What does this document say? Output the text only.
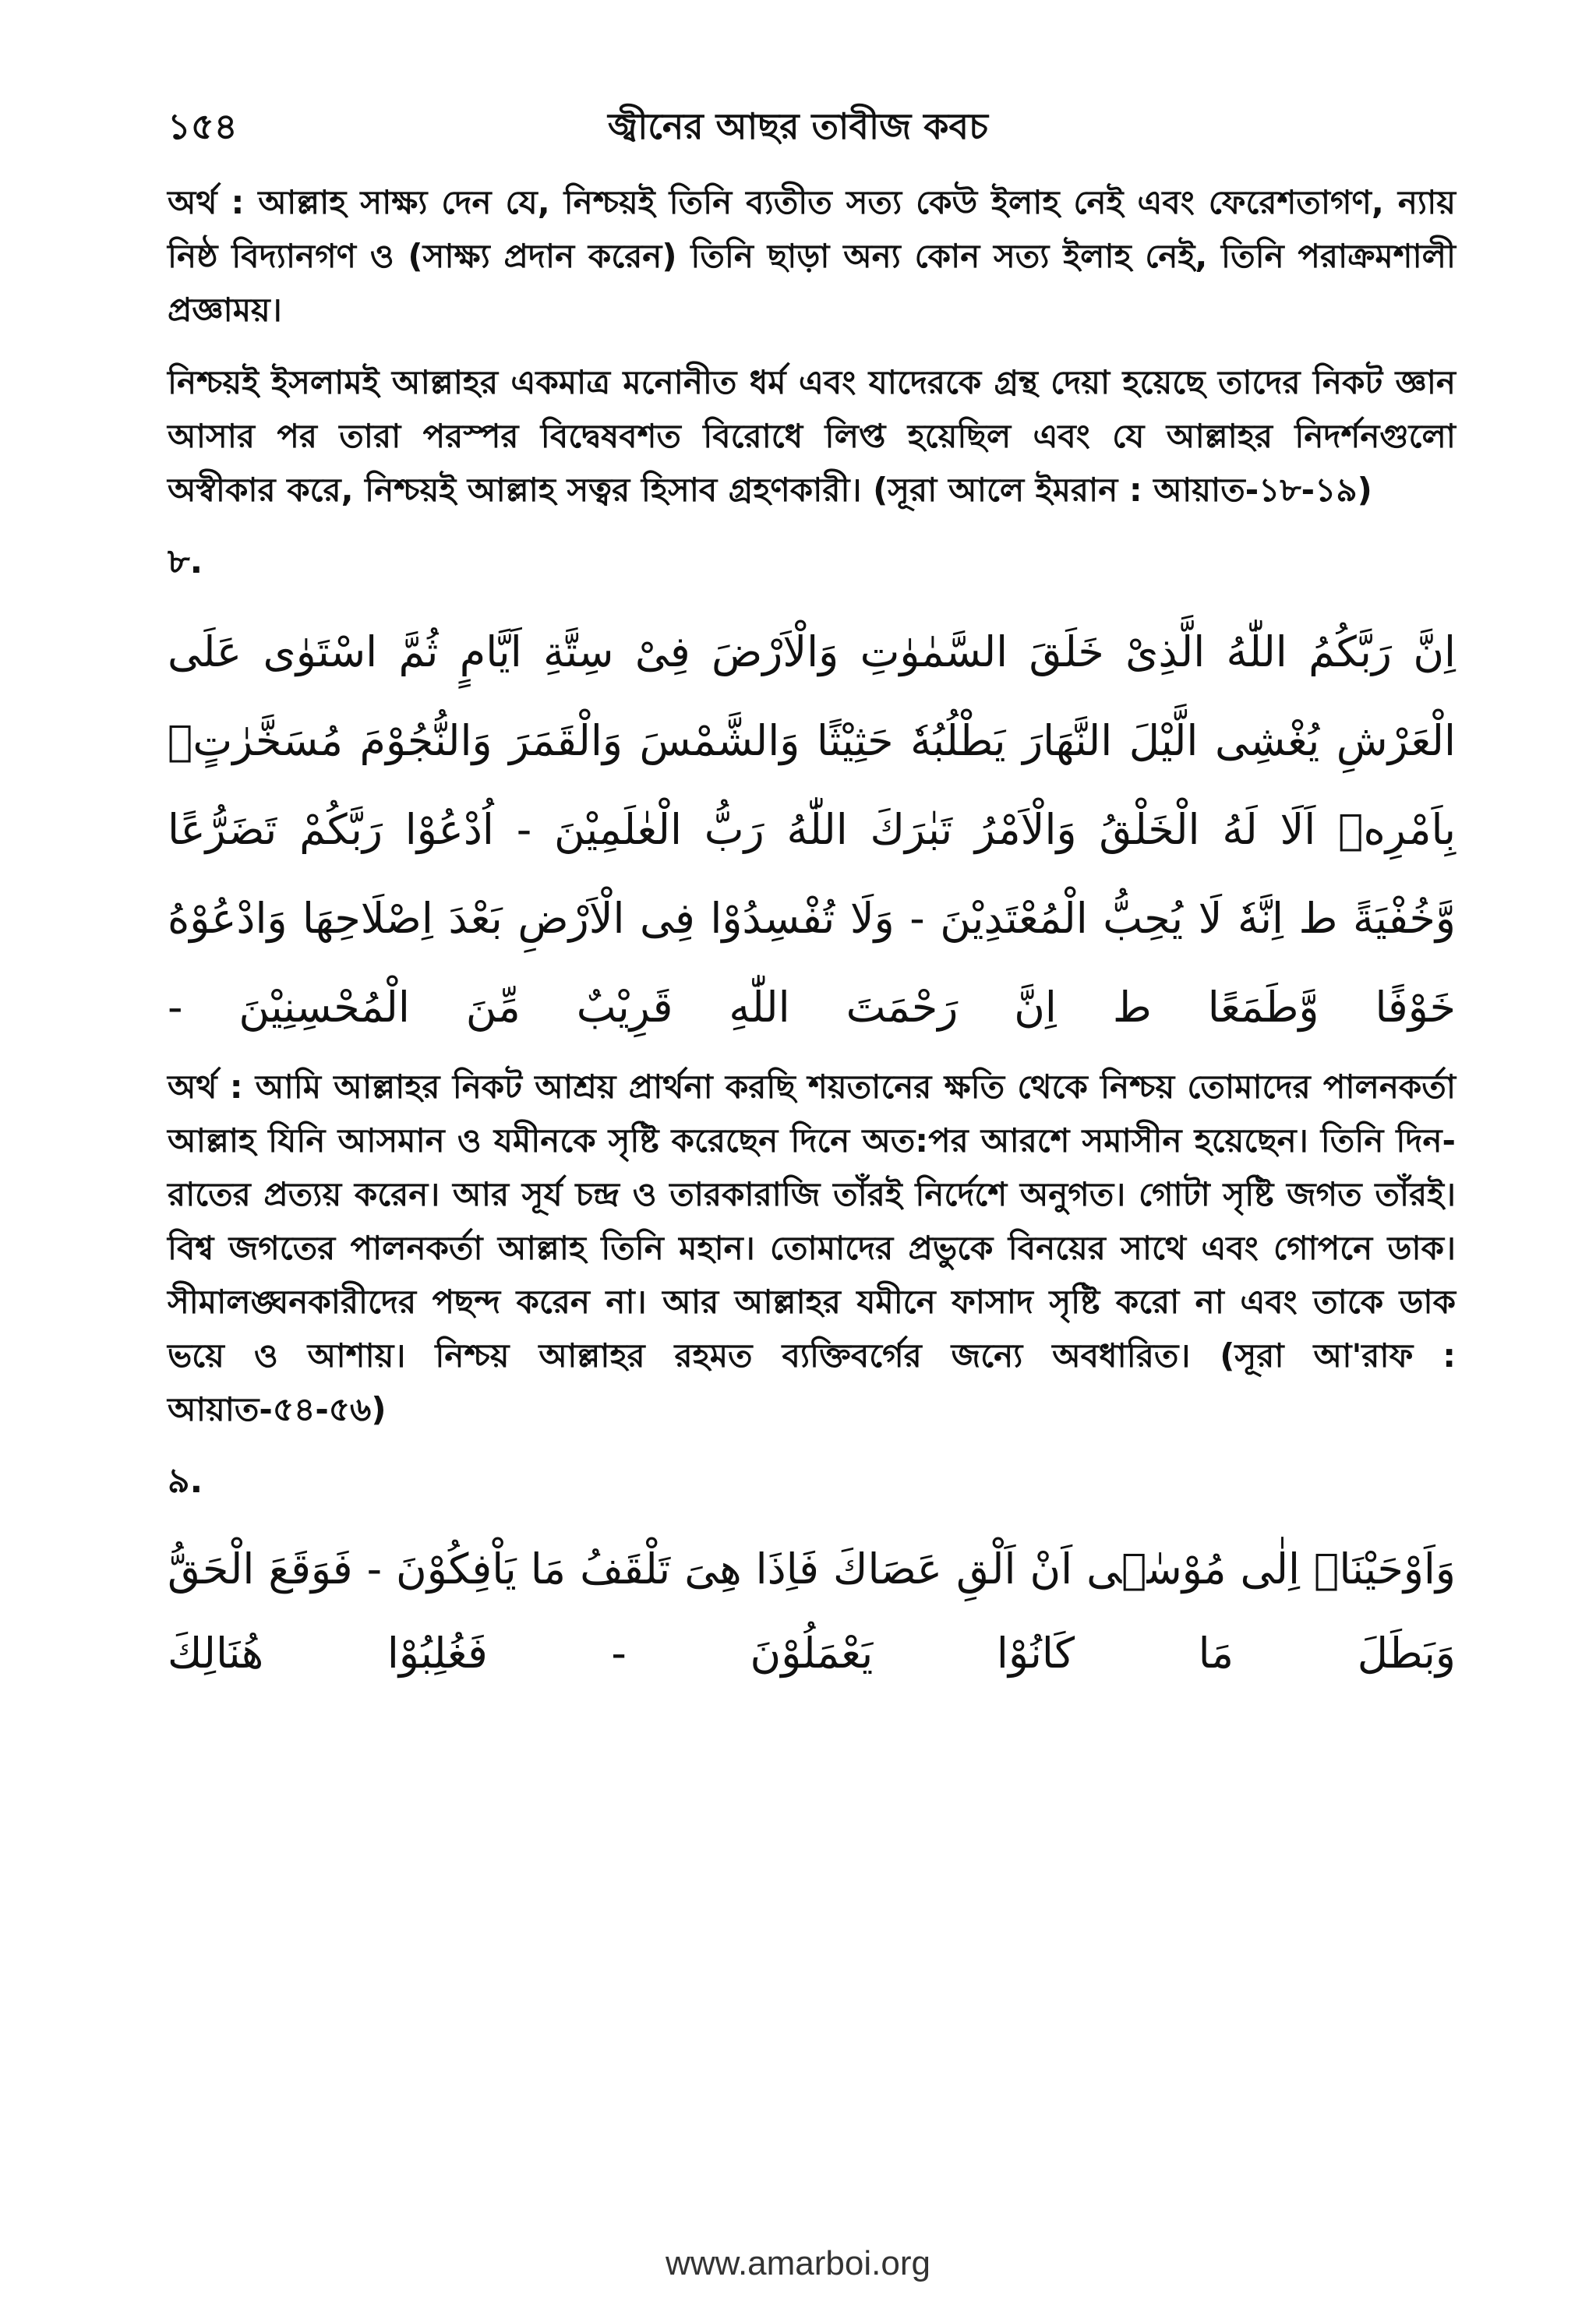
১৫৪	জ্বীনের আছর তাবীজ কবচ

অর্থ : আল্লাহ সাক্ষ্য দেন যে, নিশ্চয়ই তিনি ব্যতীত সত্য কেউ ইলাহ নেই এবং ফেরেশতাগণ, ন্যায় নিষ্ঠ বিদ্যানগণ ও (সাক্ষ্য প্রদান করেন) তিনি ছাড়া অন্য কোন সত্য ইলাহ নেই, তিনি পরাক্রমশালী প্রজ্ঞাময়।

নিশ্চয়ই ইসলামই আল্লাহর একমাত্র মনোনীত ধর্ম এবং যাদেরকে গ্রন্থ দেয়া হয়েছে তাদের নিকট জ্ঞান আসার পর তারা পরস্পর বিদ্বেষবশত বিরোধে লিপ্ত হয়েছিল এবং যে আল্লাহর নিদর্শনগুলো অস্বীকার করে, নিশ্চয়ই আল্লাহ সত্বর হিসাব গ্রহণকারী। (সূরা আলে ইমরান : আয়াত-১৮-১৯)

৮.
اِنَّ رَبَّكُمُ اللّٰهُ الَّذِىْ خَلَقَ السَّمٰوٰتِ وَالْاَرْضَ فِىْ سِتَّةِ اَيَّامٍ ثُمَّ اسْتَوٰى عَلَى الْعَرْشِ يُغْشِى الَّيْلَ النَّهَارَ يَطْلُبُهٗ حَثِيْثًا وَالشَّمْسَ وَالْقَمَرَ وَالنُّجُوْمَ مُسَخَّرٰتٍۭ بِاَمْرِهٖ اَلَا لَهُ الْخَلْقُ وَالْاَمْرُ تَبٰرَكَ اللّٰهُ رَبُّ الْعٰلَمِيْنَ - اُدْعُوْا رَبَّكُمْ تَضَرُّعًا وَّخُفْيَةً ط اِنَّهٗ لَا يُحِبُّ الْمُعْتَدِيْنَ - وَلَا تُفْسِدُوْا فِى الْاَرْضِ بَعْدَ اِصْلَاحِهَا وَادْعُوْهُ خَوْفًا وَّطَمَعًا ط اِنَّ رَحْمَتَ اللّٰهِ قَرِيْبٌ مِّنَ الْمُحْسِنِيْنَ -

অর্থ : আমি আল্লাহর নিকট আশ্রয় প্রার্থনা করছি শয়তানের ক্ষতি থেকে নিশ্চয় তোমাদের পালনকর্তা আল্লাহ যিনি আসমান ও যমীনকে সৃষ্টি করেছেন দিনে অত:পর আরশে সমাসীন হয়েছেন। তিনি দিন-রাতের প্রত্যয় করেন। আর সূর্য চন্দ্র ও তারকারাজি তাঁরই নির্দেশে অনুগত। গোটা সৃষ্টি জগত তাঁরই। বিশ্ব জগতের পালনকর্তা আল্লাহ তিনি মহান। তোমাদের প্রভুকে বিনয়ের সাথে এবং গোপনে ডাক। সীমালঙ্ঘনকারীদের পছন্দ করেন না। আর আল্লাহর যমীনে ফাসাদ সৃষ্টি করো না এবং তাকে ডাক ভয়ে ও আশায়। নিশ্চয় আল্লাহর রহমত ব্যক্তিবর্গের জন্যে অবধারিত। (সূরা আ'রাফ : আয়াত-৫৪-৫৬)

৯.
وَاَوْحَيْنَاۤ اِلٰى مُوْسٰۤى اَنْ اَلْقِ عَصَاكَ فَاِذَا هِىَ تَلْقَفُ مَا يَاْفِكُوْنَ - فَوَقَعَ الْحَقُّ وَبَطَلَ مَا كَانُوْا يَعْمَلُوْنَ - فَغُلِبُوْا هُنَالِكَ
www.amarboi.org
